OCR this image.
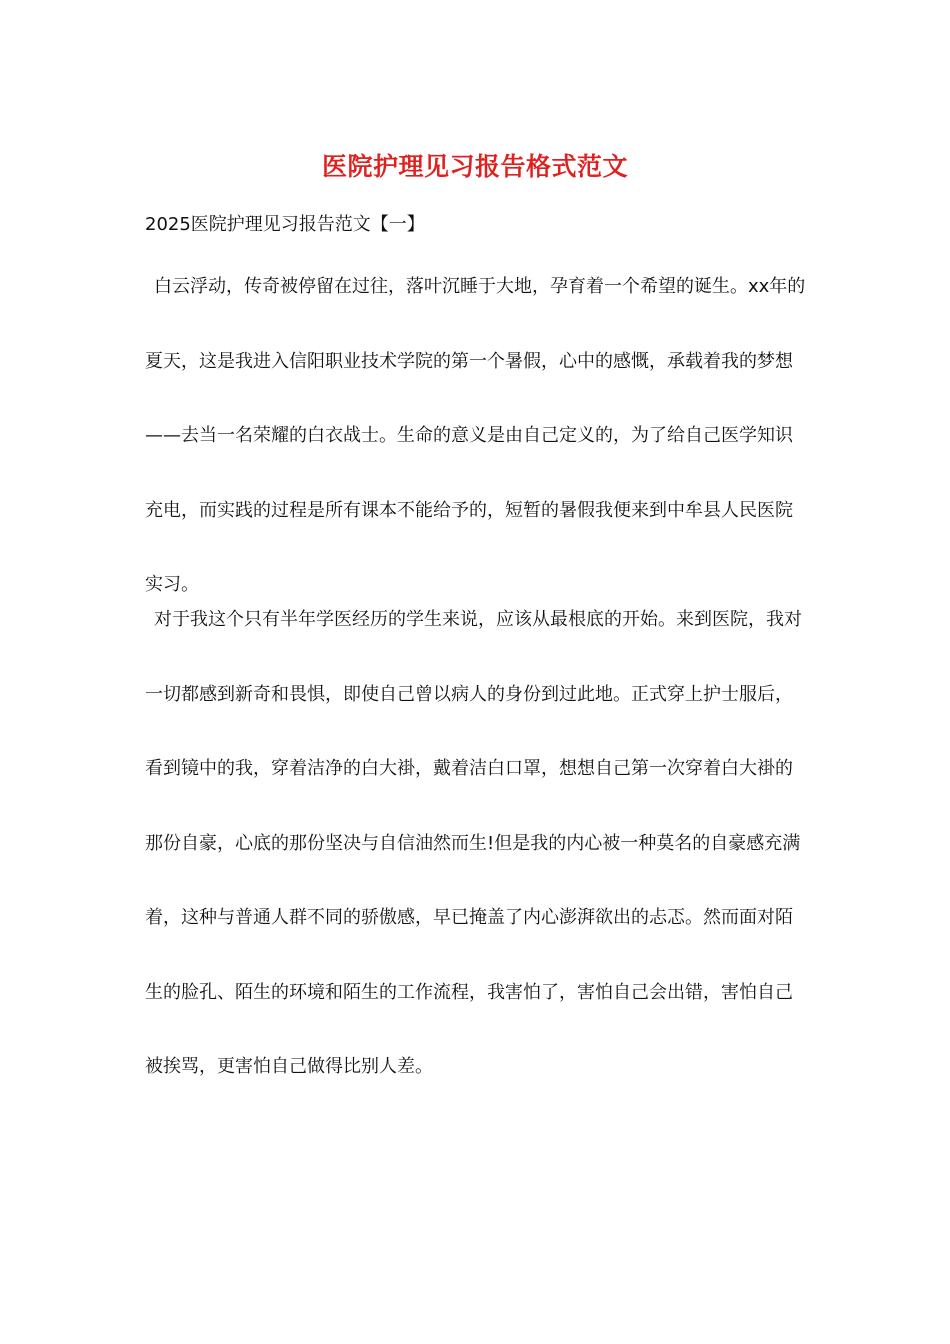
医院护理见习报告格式范文
2025医院护理见习报告范文【一】

白云浮动，传奇被停留在过往，落叶沉睡于大地，孕育着一个希望的诞生。xx年的夏天，这是我进入信阳职业技术学院的第一个暑假，心中的感慨，承载着我的梦想——去当一名荣耀的白衣战士。生命的意义是由自己定义的，为了给自己医学知识充电，而实践的过程是所有课本不能给予的，短暂的暑假我便来到中牟县人民医院实习。

对于我这个只有半年学医经历的学生来说，应该从最根底的开始。来到医院，我对一切都感到新奇和畏惧，即使自己曾以病人的身份到过此地。正式穿上护士服后，看到镜中的我，穿着洁净的白大褂，戴着洁白口罩，想想自己第一次穿着白大褂的那份自豪，心底的那份坚决与自信油然而生!但是我的内心被一种莫名的自豪感充满着，这种与普通人群不同的骄傲感，早已掩盖了内心澎湃欲出的忐忑。然而面对陌生的脸孔、陌生的环境和陌生的工作流程，我害怕了，害怕自己会出错，害怕自己被挨骂，更害怕自己做得比别人差。
